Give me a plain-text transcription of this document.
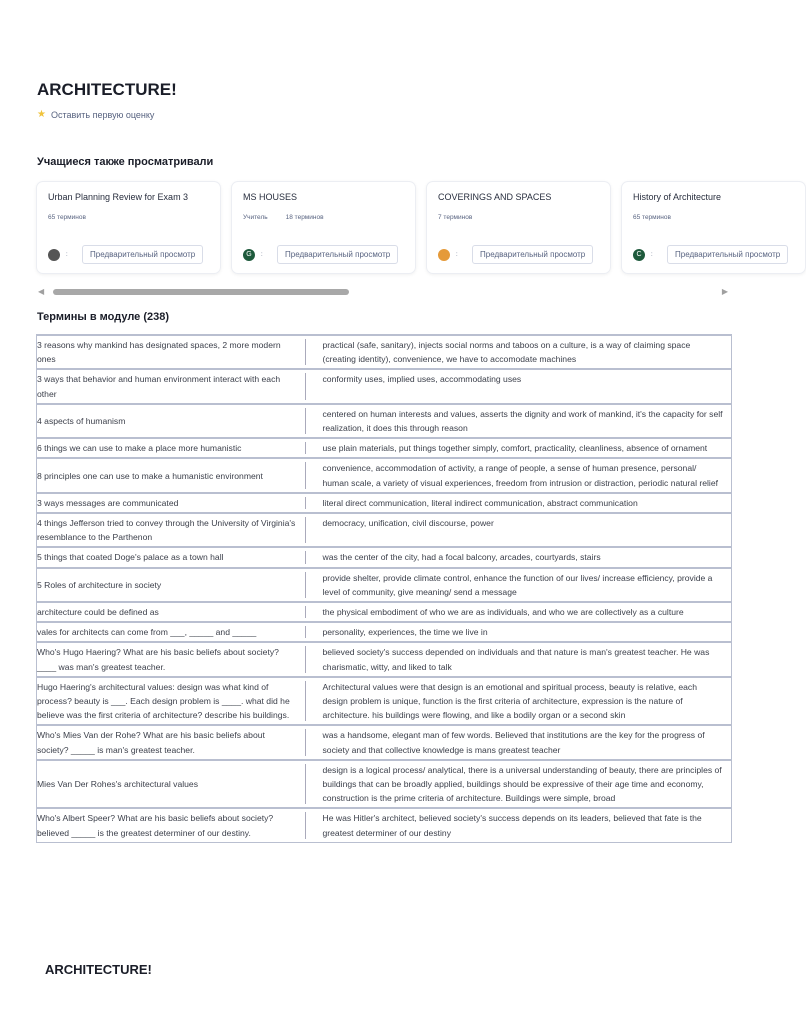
ARCHITECTURE!
★ Оставить первую оценку
Учащиеся также просматривали
Urban Planning Review for Exam 3
65 терминов
:	Предварительный просмотр
MS HOUSES
Учитель	18 терминов
G	:	Предварительный просмотр
COVERINGS AND SPACES
7 терминов
:	Предварительный просмотр
History of Architecture
65 терминов
C	:	Предварительный просмотр
◀	▶
Термины в модуле (238)
3 reasons why mankind has designated spaces, 2 more modern ones		practical (safe, sanitary), injects social norms and taboos on a culture, is a way of claiming space (creating identity), convenience, we have to accomodate machines
3 ways that behavior and human environment interact with each other		conformity uses, implied uses, accommodating uses
4 aspects of humanism		centered on human interests and values, asserts the dignity and work of mankind, it's the capacity for self realization, it does this through reason
6 things we can use to make a place more humanistic		use plain materials, put things together simply, comfort, practicality, cleanliness, absence of ornament
8 principles one can use to make a humanistic environment		convenience, accommodation of activity, a range of people, a sense of human presence, personal/ human scale, a variety of visual experiences, freedom from intrusion or distraction, periodic natural relief
3 ways messages are communicated		literal direct communication, literal indirect communication, abstract communication
4 things Jefferson tried to convey through the University of Virginia's resemblance to the Parthenon		democracy, unification, civil discourse, power
5 things that coated Doge's palace as a town hall		was the center of the city, had a focal balcony, arcades, courtyards, stairs
5 Roles of architecture in society		provide shelter, provide climate control, enhance the function of our lives/ increase efficiency, provide a level of community, give meaning/ send a message
architecture could be defined as		the physical embodiment of who we are as individuals, and who we are collectively as a culture
vales for architects can come from ___, _____ and _____		personality, experiences, the time we live in
Who's Hugo Haering? What are his basic beliefs about society? ____ was man's greatest teacher.		believed society's success depended on individuals and that nature is man's greatest teacher. He was charismatic, witty, and liked to talk
Hugo Haering's architectural values: design was what kind of process? beauty is ___. Each design problem is ____. what did he believe was the first criteria of architecture? describe his buildings.		Architectural values were that design is an emotional and spiritual process, beauty is relative, each design problem is unique, function is the first criteria of architecture, expression is the nature of architecture. his buildings were flowing, and like a bodily organ or a second skin
Who's Mies Van der Rohe? What are his basic beliefs about society? _____ is man's greatest teacher.		was a handsome, elegant man of few words. Believed that institutions are the key for the progress of society and that collective knowledge is mans greatest teacher
Mies Van Der Rohes's architectural values		design is a logical process/ analytical, there is a universal understanding of beauty, there are principles of buildings that can be broadly applied, buildings should be expressive of their age time and economy, construction is the prime criteria of architecture. Buildings were simple, broad
Who's Albert Speer? What are his basic beliefs about society? believed _____ is the greatest determiner of our destiny.		He was Hitler's architect, believed society's success depends on its leaders, believed that fate is the greatest determiner of our destiny
ARCHITECTURE!
